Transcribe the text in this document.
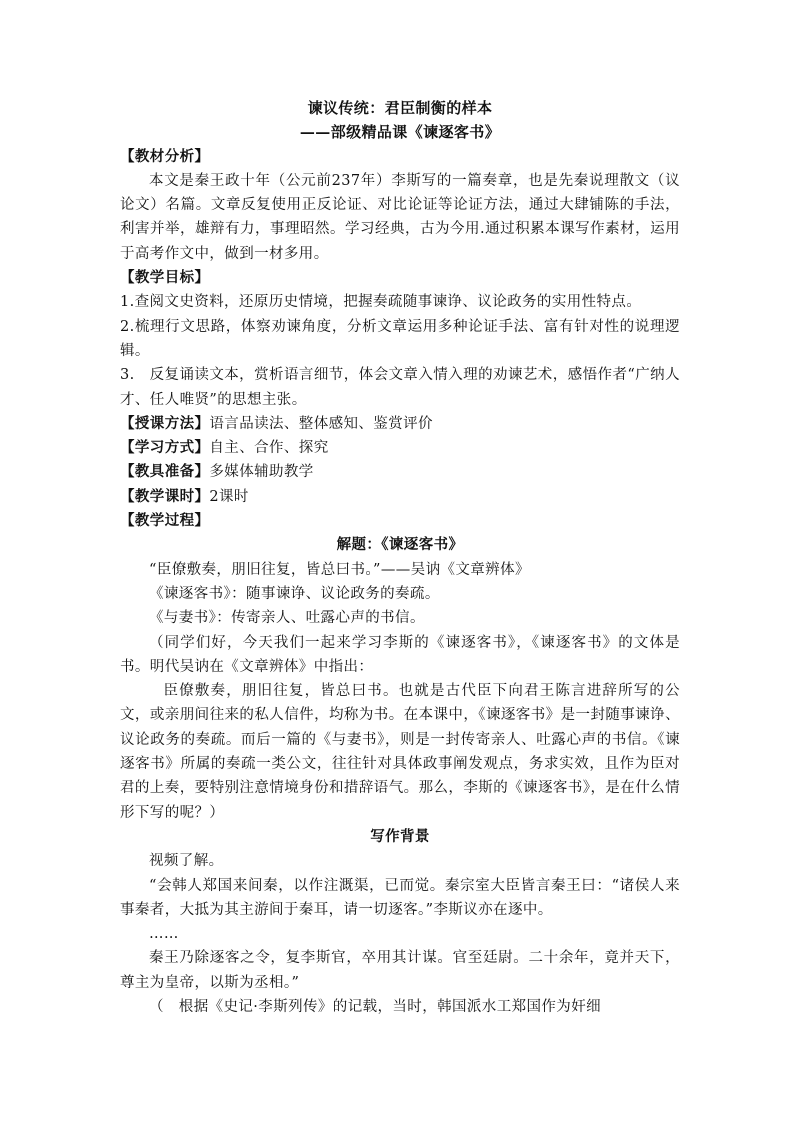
谏议传统：君臣制衡的样本

——部级精品课《谏逐客书》

【教材分析】

本文是秦王政十年（公元前237年）李斯写的一篇奏章，也是先秦说理散文（议论文）名篇。文章反复使用正反论证、对比论证等论证方法，通过大肆铺陈的手法，利害并举，雄辩有力，事理昭然。学习经典，古为今用.通过积累本课写作素材，运用于高考作文中，做到一材多用。

【教学目标】

1.查阅文史资料，还原历史情境，把握奏疏随事谏诤、议论政务的实用性特点。

2.梳理行文思路，体察劝谏角度，分析文章运用多种论证手法、富有针对性的说理逻辑。

3.　反复诵读文本，赏析语言细节，体会文章入情入理的劝谏艺术，感悟作者“广纳人才、任人唯贤”的思想主张。

【授课方法】语言品读法、整体感知、鉴赏评价

【学习方式】自主、合作、探究

【教具准备】多媒体辅助教学

【教学课时】2课时

【教学过程】

解题：《谏逐客书》

“臣僚敷奏，朋旧往复，皆总曰书。”——吴讷《文章辨体》

《谏逐客书》：随事谏诤、议论政务的奏疏。

《与妻书》：传寄亲人、吐露心声的书信。

（同学们好，今天我们一起来学习李斯的《谏逐客书》，《谏逐客书》的文体是书。明代吴讷在《文章辨体》中指出：

臣僚敷奏，朋旧往复，皆总曰书。也就是古代臣下向君王陈言进辞所写的公文，或亲朋间往来的私人信件，均称为书。在本课中，《谏逐客书》是一封随事谏诤、议论政务的奏疏。而后一篇的《与妻书》，则是一封传寄亲人、吐露心声的书信。《谏逐客书》所属的奏疏一类公文，往往针对具体政事阐发观点，务求实效，且作为臣对君的上奏，要特别注意情境身份和措辞语气。那么，李斯的《谏逐客书》，是在什么情形下写的呢？）

写作背景

视频了解。

“会韩人郑国来间秦，以作注溉渠，已而觉。秦宗室大臣皆言秦王曰：“诸侯人来事秦者，大抵为其主游间于秦耳，请一切逐客。”李斯议亦在逐中。

……

秦王乃除逐客之令，复李斯官，卒用其计谋。官至廷尉。二十余年，竟并天下，尊主为皇帝，以斯为丞相。”

（　根据《史记·李斯列传》的记载，当时，韩国派水工郑国作为奸细
